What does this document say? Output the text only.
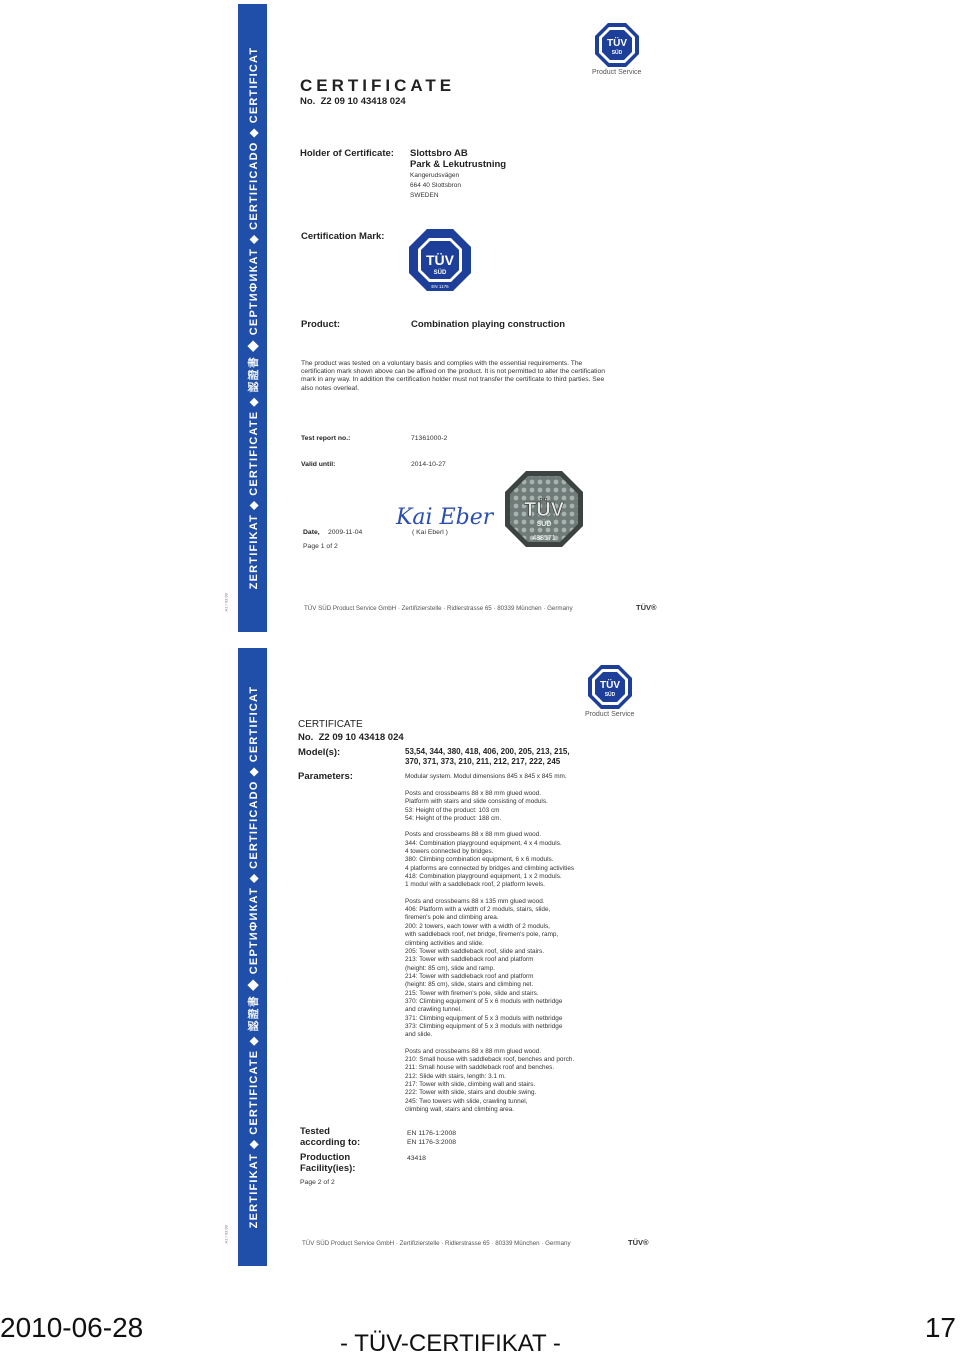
ZERTIFIKAT ◆ CERTIFICATE ◆ 認證書 ◆ СЕРТИФИКАТ ◆ CERTIFICADO ◆ CERTIFICAT
A1 / 03.08
TÜV
SÜD
Product Service
CERTIFICATE
No. Z2 09 10 43418 024
Holder of Certificate: Slottsbro AB
Park & Lekutrustning
Kangerudsvägen
664 40 Slottsbron
SWEDEN
Certification Mark:
TÜV
SÜD
EN 1176
Product:	Combination playing construction
The product was tested on a voluntary basis and complies with the essential requirements. The certification mark shown above can be affixed on the product. It is not permitted to alter the certification mark in any way. In addition the certification holder must not transfer the certificate to third parties. See also notes overleaf.
Test report no.:	71361000-2
Valid until:	2014-10-27
Kai Eberl
( Kai Eberl )
Date, 2009-11-04
Page 1 of 2
TÜV
SÜD
488571
TÜV SÜD Product Service GmbH · Zertifizierstelle · Ridlerstrasse 65 · 80339 München · Germany	TÜV®
ZERTIFIKAT ◆ CERTIFICATE ◆ 認證書 ◆ СЕРТИФИКАТ ◆ CERTIFICADO ◆ CERTIFICAT
A1 / 03.08
TÜV
SÜD
Product Service
CERTIFICATE
No. Z2 09 10 43418 024
Model(s):	53,54, 344, 380, 418, 406, 200, 205, 213, 215,
370, 371, 373, 210, 211, 212, 217, 222, 245
Parameters:	Modular system. Modul dimensions 845 x 845 x 845 mm.

Posts and crossbeams 88 x 88 mm glued wood.
Platform with stairs and slide consisting of moduls.
53: Height of the product: 103 cm
54: Height of the product: 188 cm.

Posts and crossbeams 88 x 88 mm glued wood.
344: Combination playground equipment, 4 x 4 moduls.
4 towers connected by bridges.
380: Climbing combination equipment, 6 x 6 moduls.
4 platforms are connected by bridges and climbing activities
418: Combination playground equipment, 1 x 2 moduls.
1 modul with a saddleback roof, 2 platform levels.

Posts and crossbeams 88 x 135 mm glued wood.
406: Platform with a width of 2 moduls, stairs, slide,
firemen's pole and climbing area.
200: 2 towers, each tower with a width of 2 moduls,
with saddleback roof, net bridge, firemen's pole, ramp,
climbing activities and slide.
205: Tower with saddleback roof, slide and stairs.
213: Tower with saddleback roof and platform
(height: 85 cm), slide and ramp.
214: Tower with saddleback roof and platform
(height: 85 cm), slide, stairs and climbing net.
215: Tower with firemen's pole, slide and stairs.
370: Climbing equipment of 5 x 6 moduls with netbridge
and crawling tunnel.
371: Climbing equipment of 5 x 3 moduls with netbridge
373: Climbing equipment of 5 x 3 moduls with netbridge
and slide.

Posts and crossbeams 88 x 88 mm glued wood.
210: Small house with saddleback roof, benches and porch.
211: Small house with saddleback roof and benches.
212: Slide with stairs, length: 3.1 m.
217: Tower with slide, climbing wall and stairs.
222: Tower with slide, stairs and double swing.
245: Two towers with slide, crawling tunnel,
climbing wall, stairs and climbing area.

Tested
according to:
EN 1176-1:2008
EN 1176-3:2008
Production
Facility(ies):
43418
Page 2 of 2
TÜV SÜD Product Service GmbH · Zertifizierstelle · Ridlerstrasse 65 · 80339 München · Germany	TÜV®
2010-06-28
- TÜV-CERTIFIKAT -
17
